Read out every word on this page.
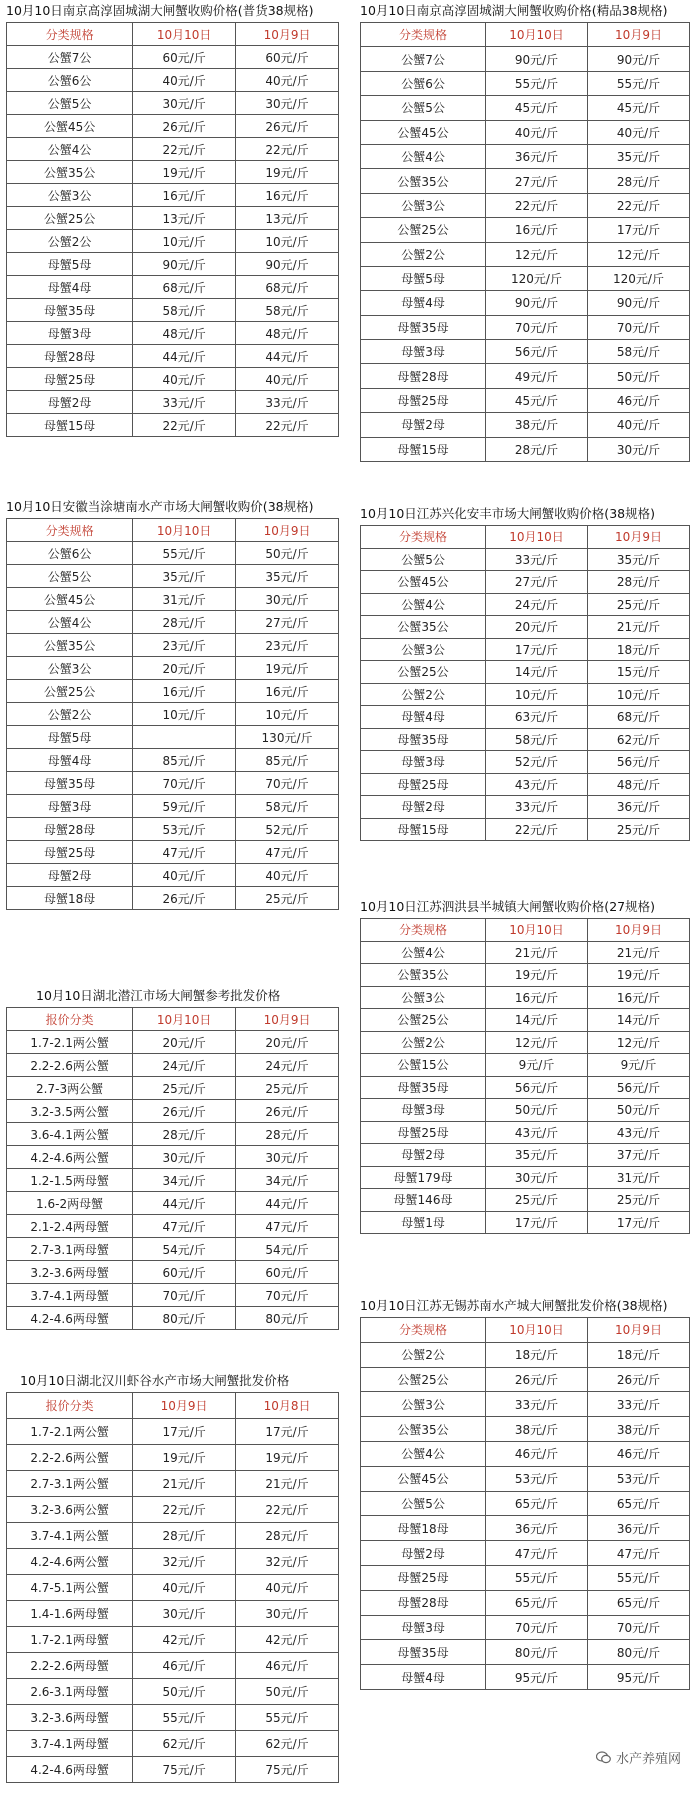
10月10日南京高淳固城湖大闸蟹收购价格(普货38规格)
分类规格	10月10日	10月9日
公蟹7公	60元/斤	60元/斤
公蟹6公	40元/斤	40元/斤
公蟹5公	30元/斤	30元/斤
公蟹45公	26元/斤	26元/斤
公蟹4公	22元/斤	22元/斤
公蟹35公	19元/斤	19元/斤
公蟹3公	16元/斤	16元/斤
公蟹25公	13元/斤	13元/斤
公蟹2公	10元/斤	10元/斤
母蟹5母	90元/斤	90元/斤
母蟹4母	68元/斤	68元/斤
母蟹35母	58元/斤	58元/斤
母蟹3母	48元/斤	48元/斤
母蟹28母	44元/斤	44元/斤
母蟹25母	40元/斤	40元/斤
母蟹2母	33元/斤	33元/斤
母蟹15母	22元/斤	22元/斤
10月10日安徽当涂塘南水产市场大闸蟹收购价(38规格)
分类规格	10月10日	10月9日
公蟹6公	55元/斤	50元/斤
公蟹5公	35元/斤	35元/斤
公蟹45公	31元/斤	30元/斤
公蟹4公	28元/斤	27元/斤
公蟹35公	23元/斤	23元/斤
公蟹3公	20元/斤	19元/斤
公蟹25公	16元/斤	16元/斤
公蟹2公	10元/斤	10元/斤
母蟹5母		130元/斤
母蟹4母	85元/斤	85元/斤
母蟹35母	70元/斤	70元/斤
母蟹3母	59元/斤	58元/斤
母蟹28母	53元/斤	52元/斤
母蟹25母	47元/斤	47元/斤
母蟹2母	40元/斤	40元/斤
母蟹18母	26元/斤	25元/斤
10月10日湖北潜江市场大闸蟹参考批发价格
报价分类	10月10日	10月9日
1.7-2.1两公蟹	20元/斤	20元/斤
2.2-2.6两公蟹	24元/斤	24元/斤
2.7-3两公蟹	25元/斤	25元/斤
3.2-3.5两公蟹	26元/斤	26元/斤
3.6-4.1两公蟹	28元/斤	28元/斤
4.2-4.6两公蟹	30元/斤	30元/斤
1.2-1.5两母蟹	34元/斤	34元/斤
1.6-2两母蟹	44元/斤	44元/斤
2.1-2.4两母蟹	47元/斤	47元/斤
2.7-3.1两母蟹	54元/斤	54元/斤
3.2-3.6两母蟹	60元/斤	60元/斤
3.7-4.1两母蟹	70元/斤	70元/斤
4.2-4.6两母蟹	80元/斤	80元/斤
10月10日湖北汉川虾谷水产市场大闸蟹批发价格
报价分类	10月9日	10月8日
1.7-2.1两公蟹	17元/斤	17元/斤
2.2-2.6两公蟹	19元/斤	19元/斤
2.7-3.1两公蟹	21元/斤	21元/斤
3.2-3.6两公蟹	22元/斤	22元/斤
3.7-4.1两公蟹	28元/斤	28元/斤
4.2-4.6两公蟹	32元/斤	32元/斤
4.7-5.1两公蟹	40元/斤	40元/斤
1.4-1.6两母蟹	30元/斤	30元/斤
1.7-2.1两母蟹	42元/斤	42元/斤
2.2-2.6两母蟹	46元/斤	46元/斤
2.6-3.1两母蟹	50元/斤	50元/斤
3.2-3.6两母蟹	55元/斤	55元/斤
3.7-4.1两母蟹	62元/斤	62元/斤
4.2-4.6两母蟹	75元/斤	75元/斤
10月10日南京高淳固城湖大闸蟹收购价格(精品38规格)
分类规格	10月10日	10月9日
公蟹7公	90元/斤	90元/斤
公蟹6公	55元/斤	55元/斤
公蟹5公	45元/斤	45元/斤
公蟹45公	40元/斤	40元/斤
公蟹4公	36元/斤	35元/斤
公蟹35公	27元/斤	28元/斤
公蟹3公	22元/斤	22元/斤
公蟹25公	16元/斤	17元/斤
公蟹2公	12元/斤	12元/斤
母蟹5母	120元/斤	120元/斤
母蟹4母	90元/斤	90元/斤
母蟹35母	70元/斤	70元/斤
母蟹3母	56元/斤	58元/斤
母蟹28母	49元/斤	50元/斤
母蟹25母	45元/斤	46元/斤
母蟹2母	38元/斤	40元/斤
母蟹15母	28元/斤	30元/斤
10月10日江苏兴化安丰市场大闸蟹收购价格(38规格)
分类规格	10月10日	10月9日
公蟹5公	33元/斤	35元/斤
公蟹45公	27元/斤	28元/斤
公蟹4公	24元/斤	25元/斤
公蟹35公	20元/斤	21元/斤
公蟹3公	17元/斤	18元/斤
公蟹25公	14元/斤	15元/斤
公蟹2公	10元/斤	10元/斤
母蟹4母	63元/斤	68元/斤
母蟹35母	58元/斤	62元/斤
母蟹3母	52元/斤	56元/斤
母蟹25母	43元/斤	48元/斤
母蟹2母	33元/斤	36元/斤
母蟹15母	22元/斤	25元/斤
10月10日江苏泗洪县半城镇大闸蟹收购价格(27规格)
分类规格	10月10日	10月9日
公蟹4公	21元/斤	21元/斤
公蟹35公	19元/斤	19元/斤
公蟹3公	16元/斤	16元/斤
公蟹25公	14元/斤	14元/斤
公蟹2公	12元/斤	12元/斤
公蟹15公	9元/斤	9元/斤
母蟹35母	56元/斤	56元/斤
母蟹3母	50元/斤	50元/斤
母蟹25母	43元/斤	43元/斤
母蟹2母	35元/斤	37元/斤
母蟹179母	30元/斤	31元/斤
母蟹146母	25元/斤	25元/斤
母蟹1母	17元/斤	17元/斤
10月10日江苏无锡苏南水产城大闸蟹批发价格(38规格)
分类规格	10月10日	10月9日
公蟹2公	18元/斤	18元/斤
公蟹25公	26元/斤	26元/斤
公蟹3公	33元/斤	33元/斤
公蟹35公	38元/斤	38元/斤
公蟹4公	46元/斤	46元/斤
公蟹45公	53元/斤	53元/斤
公蟹5公	65元/斤	65元/斤
母蟹18母	36元/斤	36元/斤
母蟹2母	47元/斤	47元/斤
母蟹25母	55元/斤	55元/斤
母蟹28母	65元/斤	65元/斤
母蟹3母	70元/斤	70元/斤
母蟹35母	80元/斤	80元/斤
母蟹4母	95元/斤	95元/斤
水产养殖网
